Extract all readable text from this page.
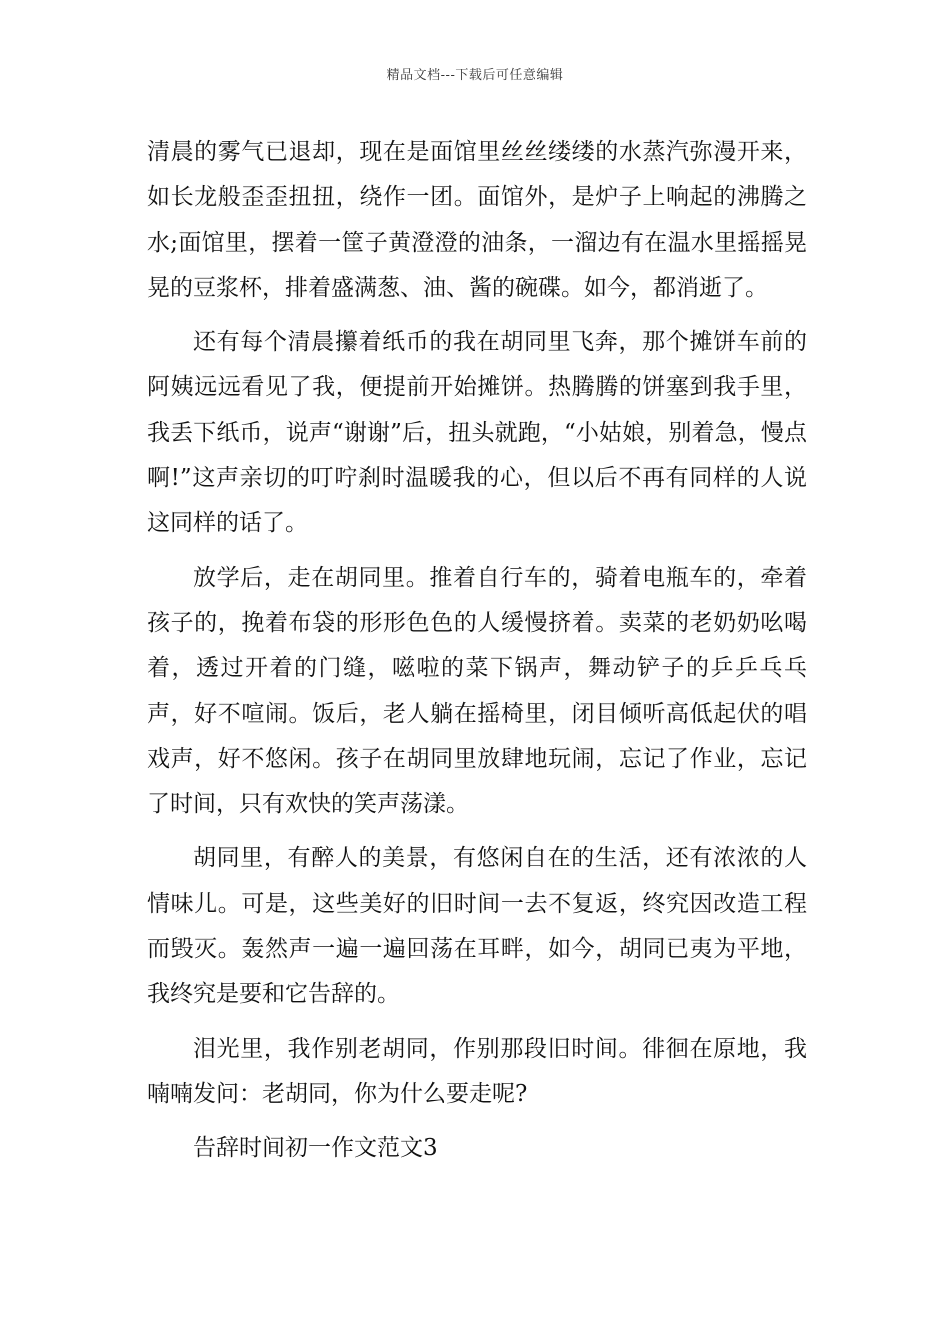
精品文档---下载后可任意编辑

清晨的雾气已退却，现在是面馆里丝丝缕缕的水蒸汽弥漫开来，如长龙般歪歪扭扭，绕作一团。面馆外，是炉子上响起的沸腾之水;面馆里，摆着一筐子黄澄澄的油条，一溜边有在温水里摇摇晃晃的豆浆杯，排着盛满葱、油、酱的碗碟。如今，都消逝了。

还有每个清晨攥着纸币的我在胡同里飞奔，那个摊饼车前的阿姨远远看见了我，便提前开始摊饼。热腾腾的饼塞到我手里，我丢下纸币，说声“谢谢”后，扭头就跑，“小姑娘，别着急，慢点啊!”这声亲切的叮咛刹时温暖我的心，但以后不再有同样的人说这同样的话了。

放学后，走在胡同里。推着自行车的，骑着电瓶车的，牵着孩子的，挽着布袋的形形色色的人缓慢挤着。卖菜的老奶奶吆喝着，透过开着的门缝，嗞啦的菜下锅声，舞动铲子的乒乒乓乓声，好不喧闹。饭后，老人躺在摇椅里，闭目倾听高低起伏的唱戏声，好不悠闲。孩子在胡同里放肆地玩闹，忘记了作业，忘记了时间，只有欢快的笑声荡漾。

胡同里，有醉人的美景，有悠闲自在的生活，还有浓浓的人情味儿。可是，这些美好的旧时间一去不复返，终究因改造工程而毁灭。轰然声一遍一遍回荡在耳畔，如今，胡同已夷为平地，我终究是要和它告辞的。

泪光里，我作别老胡同，作别那段旧时间。徘徊在原地，我喃喃发问：老胡同，你为什么要走呢?

告辞时间初一作文范文3
